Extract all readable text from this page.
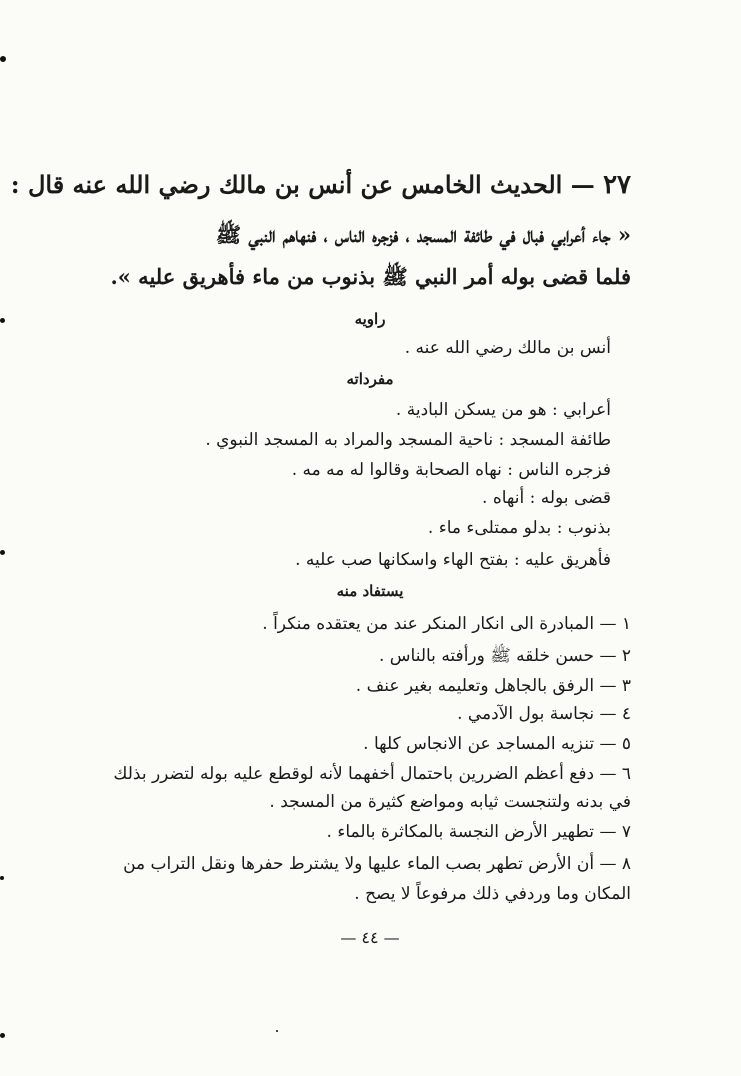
٢٧ — الحديث الخامس عن أنس بن مالك رضي الله عنه قال :
« جاء أعرابي فبال في طائفة المسجد ، فزجره الناس ، فنهاهم النبي ﷺ
فلما قضى بوله أمر النبي ﷺ بذنوب من ماء فأهريق عليه ».
راويه
أنس بن مالك رضي الله عنه .
مفرداته
أعرابي : هو من يسكن البادية .
طائفة المسجد : ناحية المسجد والمراد به المسجد النبوي .
فزجره الناس : نهاه الصحابة وقالوا له مه مه .
قضى بوله : أنهاه .
بذنوب : بدلو ممتلىء ماء .
فأهريق عليه : بفتح الهاء واسكانها صب عليه .
يستفاد منه
١ — المبادرة الى انكار المنكر عند من يعتقده منكراً .
٢ — حسن خلقه ﷺ ورأفته بالناس .
٣ — الرفق بالجاهل وتعليمه بغير عنف .
٤ — نجاسة بول الآدمي .
٥ — تنزيه المساجد عن الانجاس كلها .
٦ — دفع أعظم الضررين باحتمال أخفهما لأنه لوقطع عليه بوله لتضرر بذلك
في بدنه ولتنجست ثيابه ومواضع كثيرة من المسجد .
٧ — تطهير الأرض النجسة بالمكاثرة بالماء .
٨ — أن الأرض تطهر بصب الماء عليها ولا يشترط حفرها ونقل التراب من
المكان وما وردفي ذلك مرفوعاً لا يصح .
— ٤٤ —
